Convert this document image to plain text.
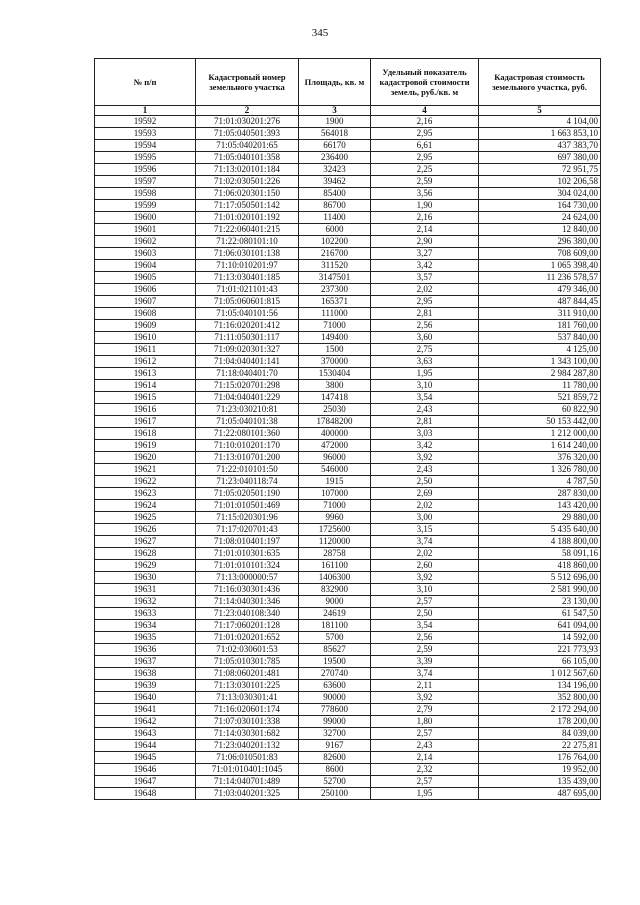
345
№ п/п	Кадастровый номер земельного участка	Площадь, кв. м	Удельный показатель кадастровой стоимости земель, руб./кв. м	Кадастровая стоимость земельного участка, руб.
1	2	3	4	5
19592	71:01:030201:276	1900	2,16	4 104,00
19593	71:05:040501:393	564018	2,95	1 663 853,10
19594	71:05:040201:65	66170	6,61	437 383,70
19595	71:05:040101:358	236400	2,95	697 380,00
19596	71:13:020101:184	32423	2,25	72 951,75
19597	71:02:030501:226	39462	2,59	102 206,58
19598	71:06:020301:150	85400	3,56	304 024,00
19599	71:17:050501:142	86700	1,90	164 730,00
19600	71:01:020101:192	11400	2,16	24 624,00
19601	71:22:060401:215	6000	2,14	12 840,00
19602	71:22:080101:10	102200	2,90	296 380,00
19603	71:06:030101:138	216700	3,27	708 609,00
19604	71:10:010201:97	311520	3,42	1 065 398,40
19605	71:13:030401:185	3147501	3,57	11 236 578,57
19606	71:01:021101:43	237300	2,02	479 346,00
19607	71:05:060601:815	165371	2,95	487 844,45
19608	71:05:040101:56	111000	2,81	311 910,00
19609	71:16:020201:412	71000	2,56	181 760,00
19610	71:11:050301:117	149400	3,60	537 840,00
19611	71:09:020301:327	1500	2,75	4 125,00
19612	71:04:040401:141	370000	3,63	1 343 100,00
19613	71:18:040401:70	1530404	1,95	2 984 287,80
19614	71:15:020701:298	3800	3,10	11 780,00
19615	71:04:040401:229	147418	3,54	521 859,72
19616	71:23:030210:81	25030	2,43	60 822,90
19617	71:05:040101:38	17848200	2,81	50 153 442,00
19618	71:22:080101:360	400000	3,03	1 212 000,00
19619	71:10:010201:170	472000	3,42	1 614 240,00
19620	71:13:010701:200	96000	3,92	376 320,00
19621	71:22:010101:50	546000	2,43	1 326 780,00
19622	71:23:040118:74	1915	2,50	4 787,50
19623	71:05:020501:190	107000	2,69	287 830,00
19624	71:01:010501:469	71000	2,02	143 420,00
19625	71:15:020301:96	9960	3,00	29 880,00
19626	71:17:020701:43	1725600	3,15	5 435 640,00
19627	71:08:010401:197	1120000	3,74	4 188 800,00
19628	71:01:010301:635	28758	2,02	58 091,16
19629	71:01:010101:324	161100	2,60	418 860,00
19630	71:13:000000:57	1406300	3,92	5 512 696,00
19631	71:16:030301:436	832900	3,10	2 581 990,00
19632	71:14:040301:346	9000	2,57	23 130,00
19633	71:23:040108:340	24619	2,50	61 547,50
19634	71:17:060201:128	181100	3,54	641 094,00
19635	71:01:020201:652	5700	2,56	14 592,00
19636	71:02:030601:53	85627	2,59	221 773,93
19637	71:05:010301:785	19500	3,39	66 105,00
19638	71:08:060201:481	270740	3,74	1 012 567,60
19639	71:13:030101:225	63600	2,11	134 196,00
19640	71:13:030301:41	90000	3,92	352 800,00
19641	71:16:020601:174	778600	2,79	2 172 294,00
19642	71:07:030101:338	99000	1,80	178 200,00
19643	71:14:030301:682	32700	2,57	84 039,00
19644	71:23:040201:132	9167	2,43	22 275,81
19645	71:06:010501:83	82600	2,14	176 764,00
19646	71:01:010401:1045	8600	2,32	19 952,00
19647	71:14:040701:489	52700	2,57	135 439,00
19648	71:03:040201:325	250100	1,95	487 695,00
